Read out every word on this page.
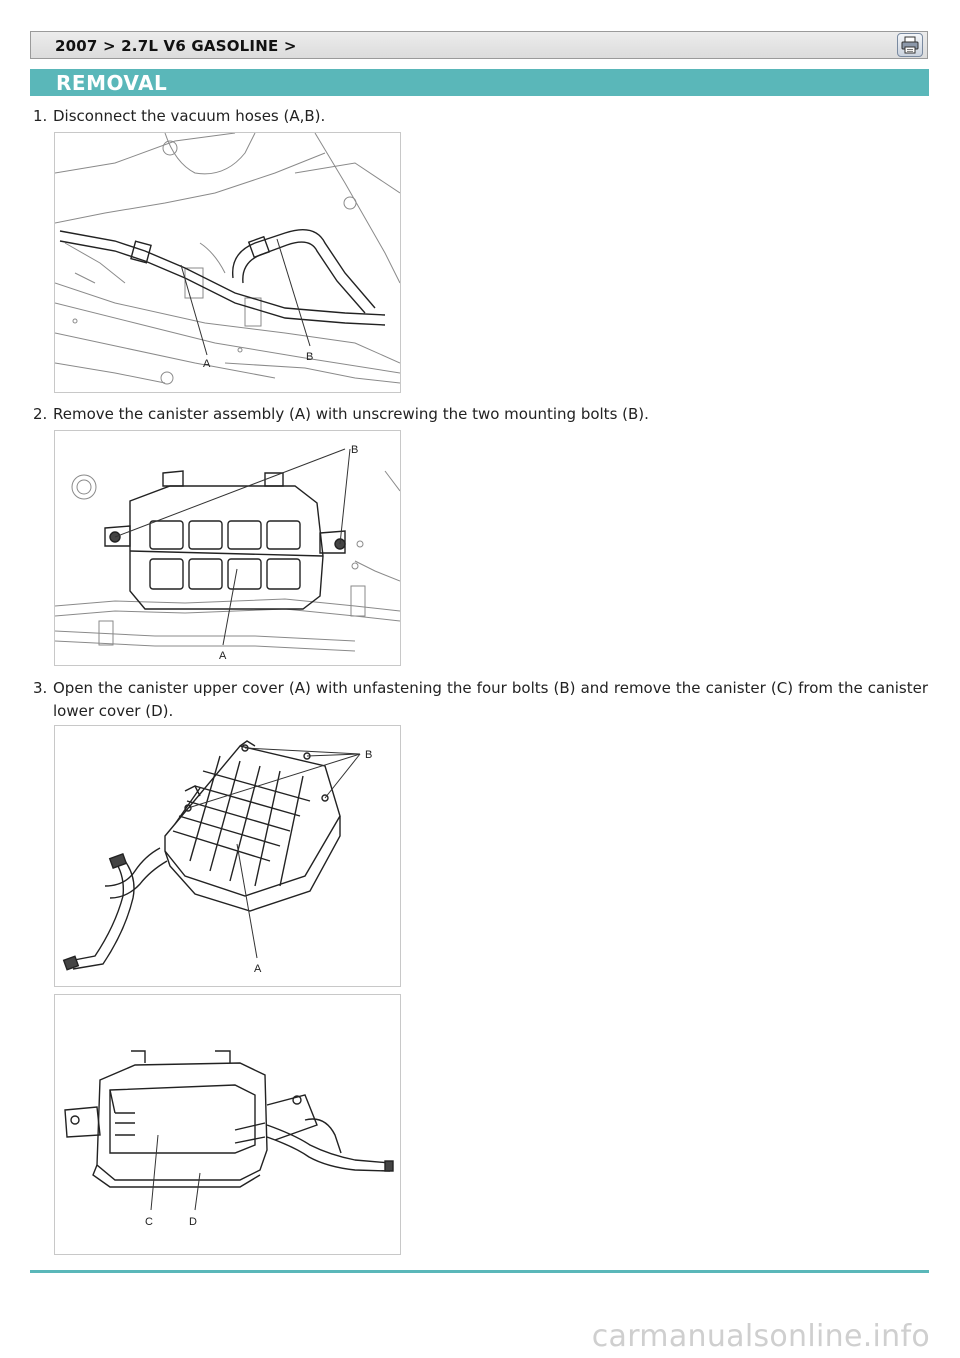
2007 > 2.7L V6 GASOLINE >
REMOVAL
1. Disconnect the vacuum hoses (A,B).
A
B
2. Remove the canister assembly (A) with unscrewing the two mounting bolts (B).
B
A
3. Open the canister upper cover (A) with unfastening the four bolts (B) and remove the canister (C) from the canister lower cover (D).
B
A
C	D
carmanualsonline.info
